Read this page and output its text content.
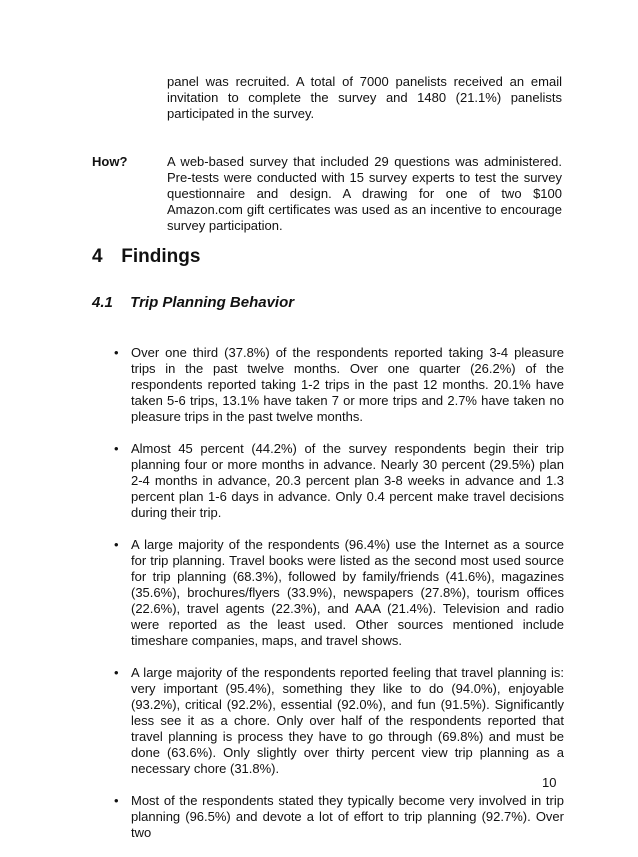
panel was recruited. A total of 7000 panelists received an email invitation to complete the survey and 1480 (21.1%) panelists participated in the survey.
How?	A web-based survey that included 29 questions was administered. Pre-tests were conducted with 15 survey experts to test the survey questionnaire and design. A drawing for one of two $100 Amazon.com gift certificates was used as an incentive to encourage survey participation.
4 Findings
4.1 Trip Planning Behavior
• Over one third (37.8%) of the respondents reported taking 3-4 pleasure trips in the past twelve months. Over one quarter (26.2%) of the respondents reported taking 1-2 trips in the past 12 months. 20.1% have taken 5-6 trips, 13.1% have taken 7 or more trips and 2.7% have taken no pleasure trips in the past twelve months.
• Almost 45 percent (44.2%) of the survey respondents begin their trip planning four or more months in advance. Nearly 30 percent (29.5%) plan 2-4 months in advance, 20.3 percent plan 3-8 weeks in advance and 1.3 percent plan 1-6 days in advance. Only 0.4 percent make travel decisions during their trip.
• A large majority of the respondents (96.4%) use the Internet as a source for trip planning. Travel books were listed as the second most used source for trip planning (68.3%), followed by family/friends (41.6%), magazines (35.6%), brochures/flyers (33.9%), newspapers (27.8%), tourism offices (22.6%), travel agents (22.3%), and AAA (21.4%). Television and radio were reported as the least used. Other sources mentioned include timeshare companies, maps, and travel shows.
• A large majority of the respondents reported feeling that travel planning is: very important (95.4%), something they like to do (94.0%), enjoyable (93.2%), critical (92.2%), essential (92.0%), and fun (91.5%). Significantly less see it as a chore. Only over half of the respondents reported that travel planning is process they have to go through (69.8%) and must be done (63.6%). Only slightly over thirty percent view trip planning as a necessary chore (31.8%).
• Most of the respondents stated they typically become very involved in trip planning (96.5%) and devote a lot of effort to trip planning (92.7%). Over two
10
